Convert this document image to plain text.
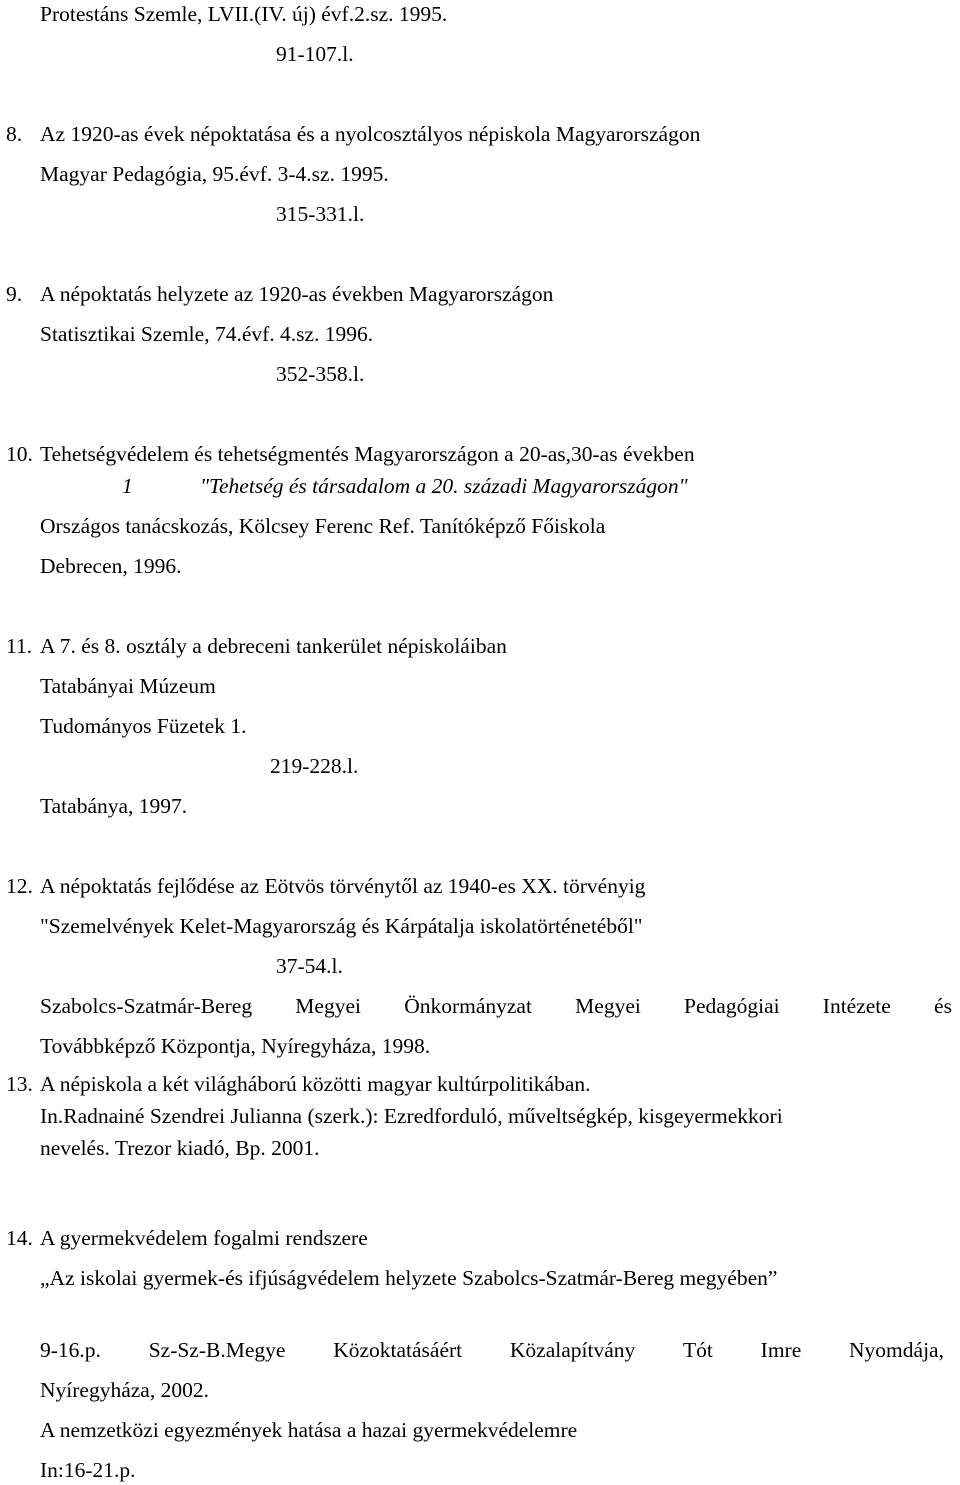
Protestáns Szemle, LVII.(IV. új) évf.2.sz. 1995.
91-107.l.
8. Az 1920-as évek népoktatása és a nyolcosztályos népiskola Magyarországon
Magyar Pedagógia, 95.évf. 3-4.sz. 1995.
315-331.l.
9. A népoktatás helyzete az 1920-as években Magyarországon
Statisztikai Szemle, 74.évf. 4.sz. 1996.
352-358.l.
10. Tehetségvédelem és tehetségmentés Magyarországon a 20-as,30-as években
1	"Tehetség és társadalom a 20. századi Magyarországon"
Országos tanácskozás, Kölcsey Ferenc Ref. Tanítóképző Főiskola
Debrecen, 1996.
11. A 7. és 8. osztály a debreceni tankerület népiskoláiban
Tatabányai Múzeum
Tudományos Füzetek 1.
219-228.l.
Tatabánya, 1997.
12. A népoktatás fejlődése az Eötvös törvénytől az 1940-es XX. törvényig
"Szemelvények Kelet-Magyarország és Kárpátalja iskolatörténetéből"
37-54.l.
Szabolcs-Szatmár-Bereg Megyei Önkormányzat Megyei Pedagógiai Intézete és
Továbbképző Központja, Nyíregyháza, 1998.
13. A népiskola a két világháború közötti magyar kultúrpolitikában.
In.Radnainé Szendrei Julianna (szerk.): Ezredforduló, műveltségkép, kisgeyermekkori
nevelés. Trezor kiadó, Bp. 2001.
14. A gyermekvédelem fogalmi rendszere
„Az iskolai gyermek-és ifjúságvédelem helyzete Szabolcs-Szatmár-Bereg megyében”
9-16.p. Sz-Sz-B.Megye Közoktatásáért Közalapítvány Tót Imre Nyomdája,
Nyíregyháza, 2002.
A nemzetközi egyezmények hatása a hazai gyermekvédelemre
In:16-21.p.
